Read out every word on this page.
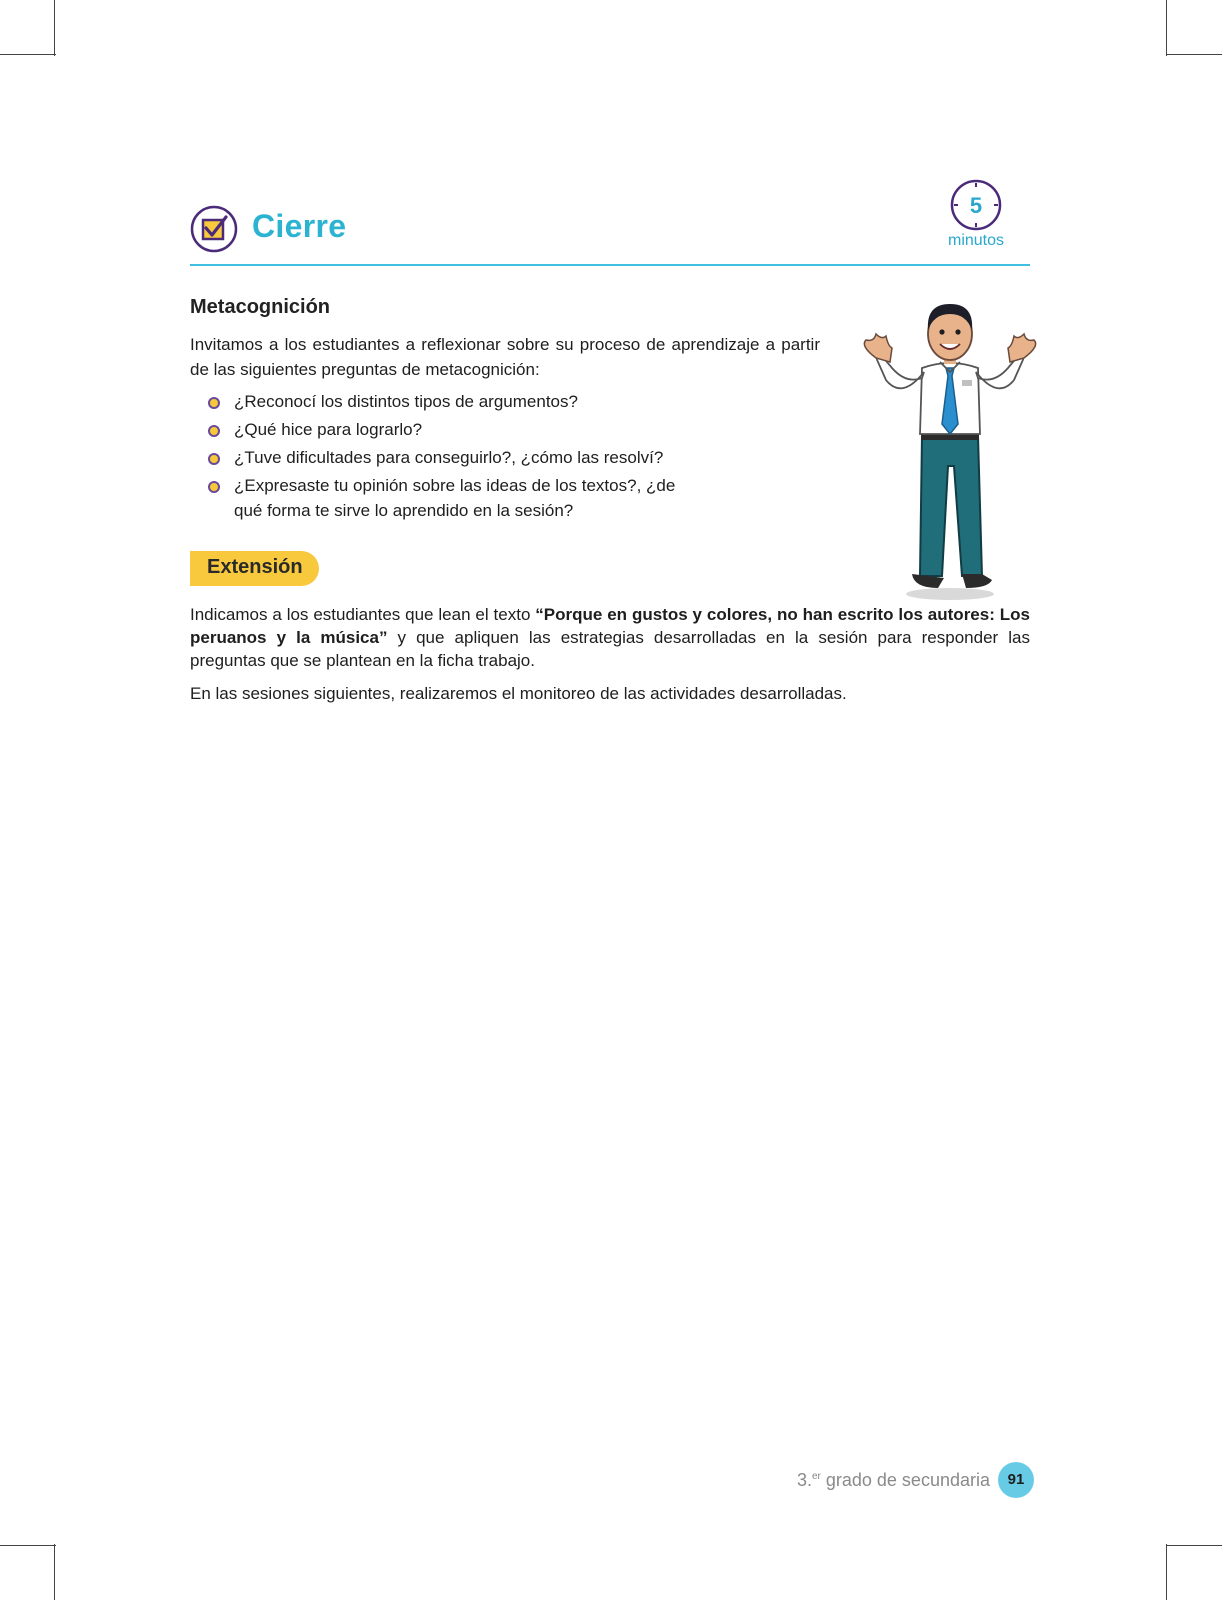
Cierre
5
minutos
Metacognición

Invitamos a los estudiantes a reflexionar sobre su proceso de aprendizaje a partir de las siguientes preguntas de metacognición:

¿Reconocí los distintos tipos de argumentos?
¿Qué hice para lograrlo?
¿Tuve dificultades para conseguirlo?, ¿cómo las resolví?
¿Expresaste tu opinión sobre las ideas de los textos?, ¿de qué forma te sirve lo aprendido en la sesión?
Extensión

Indicamos a los estudiantes que lean el texto “Porque en gustos y colores, no han escrito los autores: Los peruanos y la música” y que apliquen las estrategias desarrolladas en la sesión para responder las preguntas que se plantean en la ficha trabajo.

En las sesiones siguientes, realizaremos el monitoreo de las actividades desarrolladas.

3.$^{er}$ grado de secundaria	91
